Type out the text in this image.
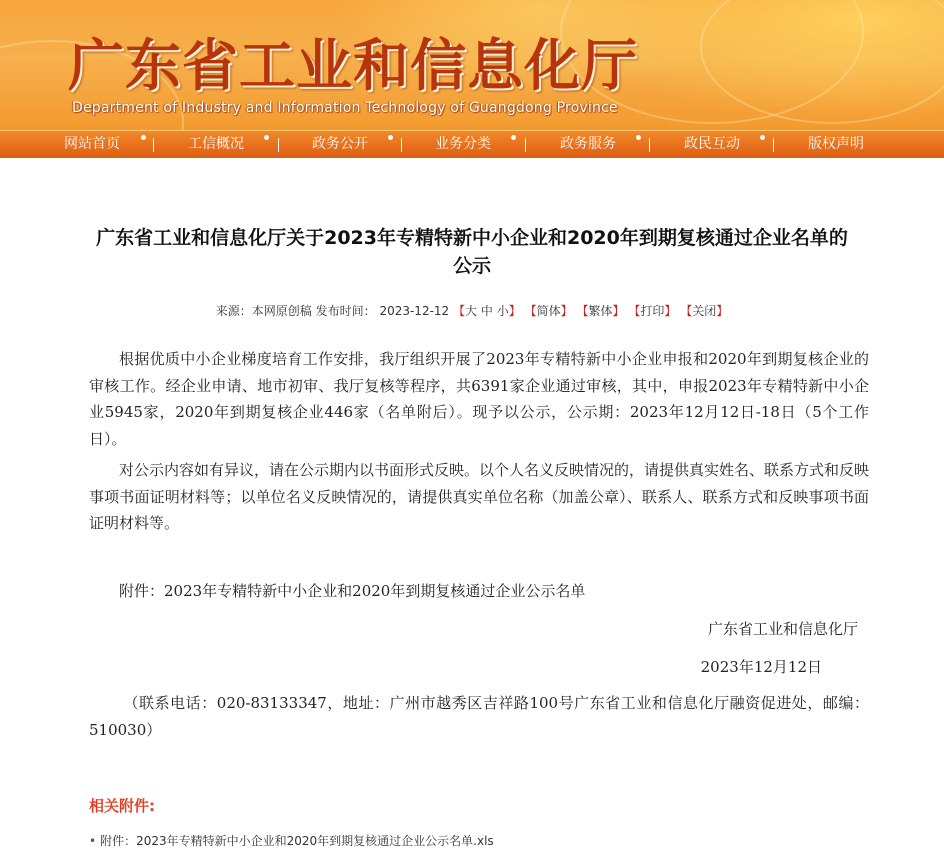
广东省工业和信息化厅
Department of Industry and Information Technology of Guangdong Province
网站首页	工信概况	政务公开	业务分类	政务服务	政民互动	版权声明
广东省工业和信息化厅关于2023年专精特新中小企业和2020年到期复核通过企业名单的公示
来源：本网原创稿 发布时间： 2023-12-12 【大 中 小】 【简体】 【繁体】 【打印】 【关闭】

根据优质中小企业梯度培育工作安排，我厅组织开展了2023年专精特新中小企业申报和2020年到期复核企业的审核工作。经企业申请、地市初审、我厅复核等程序，共6391家企业通过审核，其中，申报2023年专精特新中小企业5945家，2020年到期复核企业446家（名单附后）。现予以公示，公示期：2023年12月12日-18日（5个工作日）。

对公示内容如有异议，请在公示期内以书面形式反映。以个人名义反映情况的，请提供真实姓名、联系方式和反映事项书面证明材料等；以单位名义反映情况的，请提供真实单位名称（加盖公章）、联系人、联系方式和反映事项书面证明材料等。

附件：2023年专精特新中小企业和2020年到期复核通过企业公示名单

广东省工业和信息化厅
2023年12月12日

（联系电话：020-83133347，地址：广州市越秀区吉祥路100号广东省工业和信息化厅融资促进处，邮编：510030）

相关附件:
• 附件：2023年专精特新中小企业和2020年到期复核通过企业公示名单.xls
